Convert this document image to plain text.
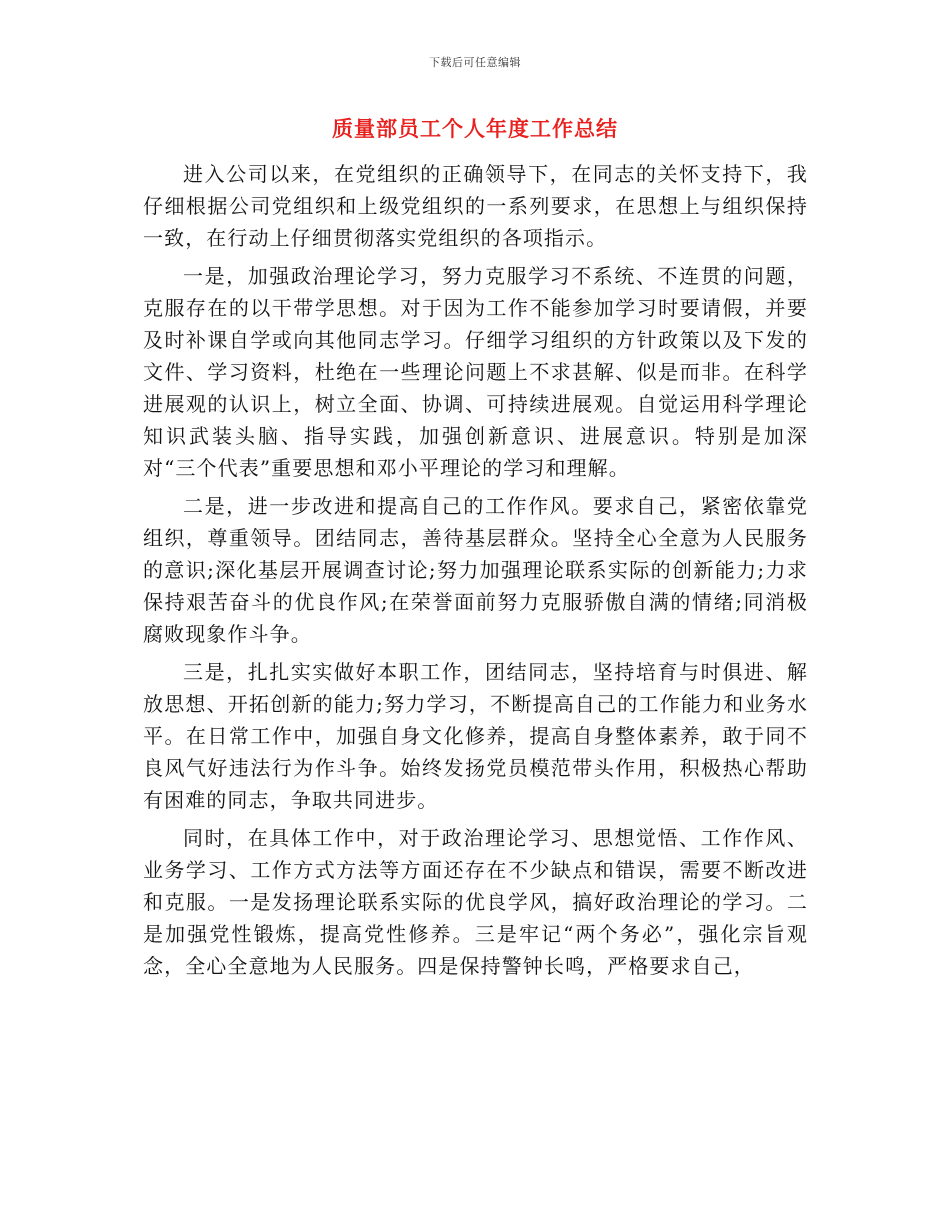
下载后可任意编辑
质量部员工个人年度工作总结

进入公司以来，在党组织的正确领导下，在同志的关怀支持下，我仔细根据公司党组织和上级党组织的一系列要求，在思想上与组织保持一致，在行动上仔细贯彻落实党组织的各项指示。

一是，加强政治理论学习，努力克服学习不系统、不连贯的问题，克服存在的以干带学思想。对于因为工作不能参加学习时要请假，并要及时补课自学或向其他同志学习。仔细学习组织的方针政策以及下发的文件、学习资料，杜绝在一些理论问题上不求甚解、似是而非。在科学进展观的认识上，树立全面、协调、可持续进展观。自觉运用科学理论知识武装头脑、指导实践，加强创新意识、进展意识。特别是加深对“三个代表”重要思想和邓小平理论的学习和理解。

二是，进一步改进和提高自己的工作作风。要求自己，紧密依靠党组织，尊重领导。团结同志，善待基层群众。坚持全心全意为人民服务的意识;深化基层开展调查讨论;努力加强理论联系实际的创新能力;力求保持艰苦奋斗的优良作风;在荣誉面前努力克服骄傲自满的情绪;同消极腐败现象作斗争。

三是，扎扎实实做好本职工作，团结同志，坚持培育与时俱进、解放思想、开拓创新的能力;努力学习，不断提高自己的工作能力和业务水平。在日常工作中，加强自身文化修养，提高自身整体素养，敢于同不良风气好违法行为作斗争。始终发扬党员模范带头作用，积极热心帮助有困难的同志，争取共同进步。

同时，在具体工作中，对于政治理论学习、思想觉悟、工作作风、业务学习、工作方式方法等方面还存在不少缺点和错误，需要不断改进和克服。一是发扬理论联系实际的优良学风，搞好政治理论的学习。二是加强党性锻炼，提高党性修养。三是牢记“两个务必”，强化宗旨观念，全心全意地为人民服务。四是保持警钟长鸣，严格要求自己，
